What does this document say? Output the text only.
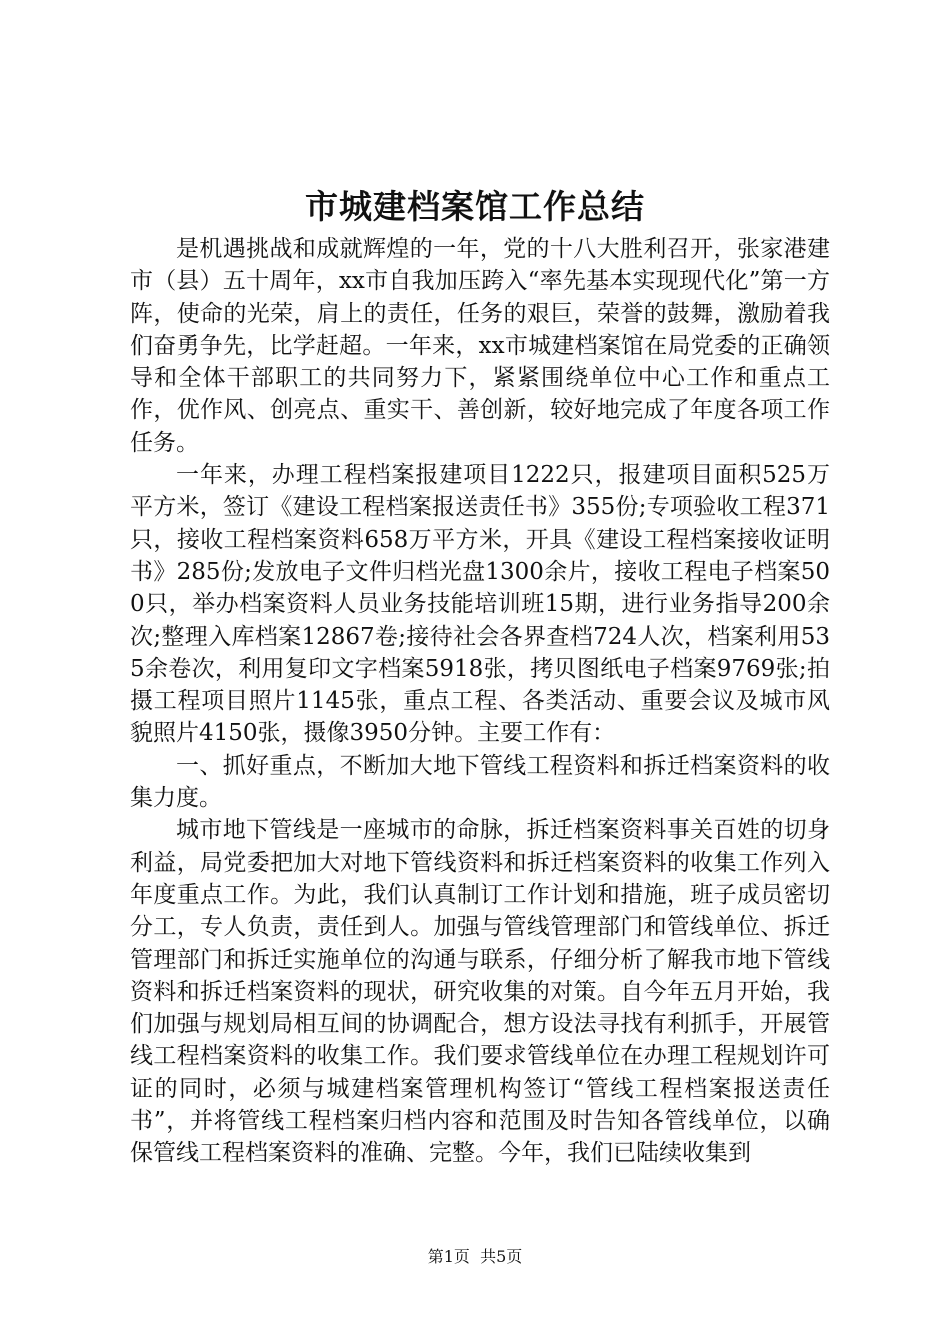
市城建档案馆工作总结

是机遇挑战和成就辉煌的一年，党的十八大胜利召开，张家港建市（县）五十周年，xx市自我加压跨入“率先基本实现现代化”第一方阵，使命的光荣，肩上的责任，任务的艰巨，荣誉的鼓舞，激励着我们奋勇争先，比学赶超。一年来，xx市城建档案馆在局党委的正确领导和全体干部职工的共同努力下，紧紧围绕单位中心工作和重点工作，优作风、创亮点、重实干、善创新，较好地完成了年度各项工作任务。

一年来，办理工程档案报建项目1222只，报建项目面积525万平方米，签订《建设工程档案报送责任书》355份;专项验收工程371只，接收工程档案资料658万平方米，开具《建设工程档案接收证明书》285份;发放电子文件归档光盘1300余片，接收工程电子档案500只，举办档案资料人员业务技能培训班15期，进行业务指导200余次;整理入库档案12867卷;接待社会各界查档724人次，档案利用535余卷次，利用复印文字档案5918张，拷贝图纸电子档案9769张;拍摄工程项目照片1145张，重点工程、各类活动、重要会议及城市风貌照片4150张，摄像3950分钟。主要工作有：

一、抓好重点，不断加大地下管线工程资料和拆迁档案资料的收集力度。

城市地下管线是一座城市的命脉，拆迁档案资料事关百姓的切身利益，局党委把加大对地下管线资料和拆迁档案资料的收集工作列入年度重点工作。为此，我们认真制订工作计划和措施，班子成员密切分工，专人负责，责任到人。加强与管线管理部门和管线单位、拆迁管理部门和拆迁实施单位的沟通与联系，仔细分析了解我市地下管线资料和拆迁档案资料的现状，研究收集的对策。自今年五月开始，我们加强与规划局相互间的协调配合，想方设法寻找有利抓手，开展管线工程档案资料的收集工作。我们要求管线单位在办理工程规划许可证的同时，必须与城建档案管理机构签订“管线工程档案报送责任书”，并将管线工程档案归档内容和范围及时告知各管线单位，以确保管线工程档案资料的准确、完整。今年，我们已陆续收集到

第1页 共5页
